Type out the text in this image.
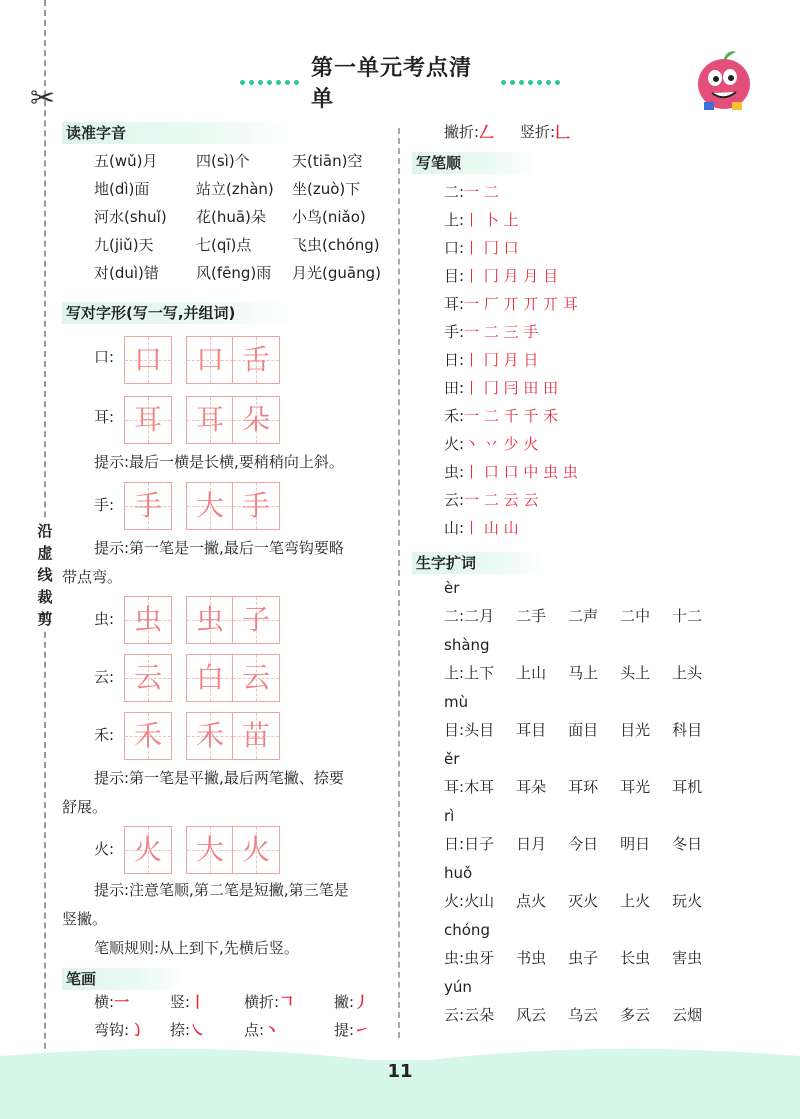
✂
沿
虚
线
裁
剪
第一单元考点清单
读准字音
五(wǔ)月	四(sì)个	天(tiān)空
地(dì)面	站立(zhàn)	坐(zuò)下
河水(shuǐ)	花(huā)朵	小鸟(niǎo)
九(jiǔ)天	七(qī)点	飞虫(chóng)
对(duì)错	风(fēng)雨	月光(guāng)
写对字形(写一写,并组词)
口: 口	口 舌
耳: 耳	耳 朵
提示:最后一横是长横,要稍稍向上斜。
手: 手	大 手
提示:第一笔是一撇,最后一笔弯钩要略
带点弯。
虫: 虫	虫 子
云: 云	白 云
禾: 禾	禾 苗
提示:第一笔是平撇,最后两笔撇、捺要
舒展。
火: 火	大 火
提示:注意笔顺,第二笔是短撇,第三笔是
竖撇。
笔顺规则:从上到下,先横后竖。
笔画
横:一	竖:丨	横折:𠃍	撇:丿
弯钩:㇁ 捺:㇏	点:丶	提:㇀
撇折:𠃋 竖折:𠃊
写笔顺
二:一 二
上:丨 卜 上
口:丨 冂 口
目:丨 冂 月 月 目
耳:一 厂 丌 丌 丌 耳
手:一 二 三 手
日:丨 冂 月 日
田:丨 冂 冃 田 田
禾:一 二 千 千 禾
火:丶 丷 少 火
虫:丨 口 口 中 虫 虫
云:一 二 云 云
山:丨 山 山
生字扩词
èr
二: 二月	二手	二声	二中	十二
shàng
上: 上下	上山	马上	头上	上头
mù
目: 头目	耳目	面目	目光	科目
ěr
耳: 木耳	耳朵	耳环	耳光	耳机
rì
日: 日子	日月	今日	明日	冬日
huǒ
火: 火山	点火	灭火	上火	玩火
chóng
虫: 虫牙	书虫	虫子	长虫	害虫
yún
云: 云朵	风云	乌云	多云	云烟
11
